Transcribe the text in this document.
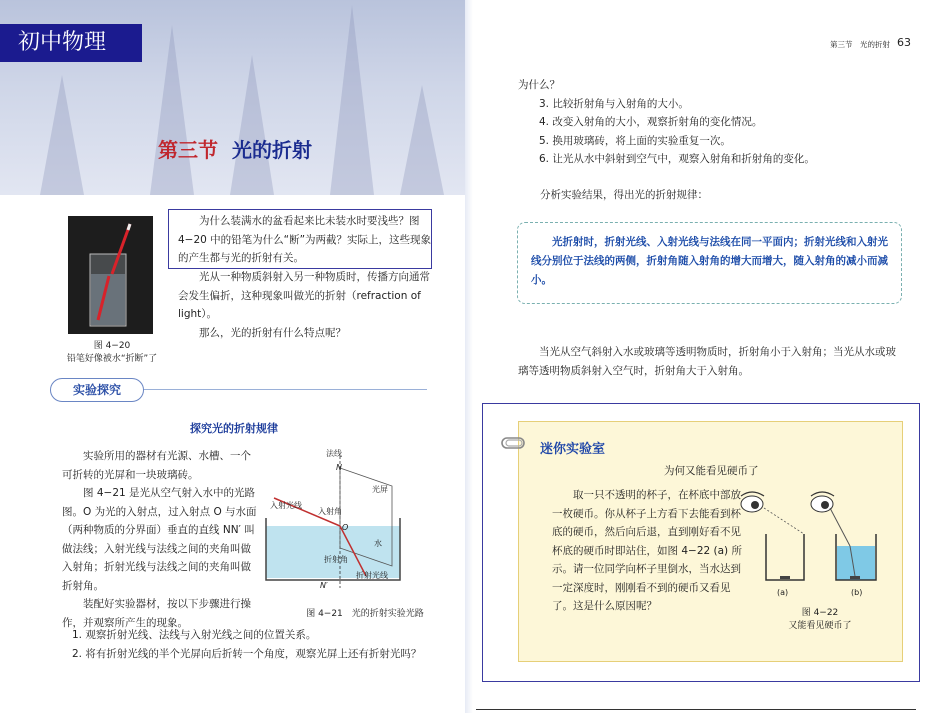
初中物理
第三节 光的折射
图 4−20
铅笔好像被水“折断”了
为什么装满水的盆看起来比未装水时要浅些？图 4−20 中的铅笔为什么“断”为两截？实际上，这些现象的产生都与光的折射有关。
光从一种物质斜射入另一种物质时，传播方向通常会发生偏折，这种现象叫做光的折射（refraction of light）。
那么，光的折射有什么特点呢？
实验探究
探究光的折射规律
实验所用的器材有光源、水槽、一个可折转的光屏和一块玻璃砖。
图 4−21 是光从空气射入水中的光路图。O 为光的入射点，过入射点 O 与水面（两种物质的分界面）垂直的直线 NN′ 叫做法线；入射光线与法线之间的夹角叫做入射角；折射光线与法线之间的夹角叫做折射角。
装配好实验器材，按以下步骤进行操作，并观察所产生的现象。
法线
N
光屏
入射光线
入射角
O
水
折射角
折射光线
N′
图 4−21　光的折射实验光路
1. 观察折射光线、法线与入射光线之间的位置关系。
2. 将有折射光线的半个光屏向后折转一个角度，观察光屏上还有折射光吗？
第三节　光的折射 63
为什么？
3. 比较折射角与入射角的大小。
4. 改变入射角的大小，观察折射角的变化情况。
5. 换用玻璃砖，将上面的实验重复一次。
6. 让光从水中斜射到空气中，观察入射角和折射角的变化。
分析实验结果，得出光的折射规律：
光折射时，折射光线、入射光线与法线在同一平面内；折射光线和入射光线分别位于法线的两侧，折射角随入射角的增大而增大，随入射角的减小而减小。
当光从空气斜射入水或玻璃等透明物质时，折射角小于入射角；当光从水或玻璃等透明物质斜射入空气时，折射角大于入射角。
迷你实验室
为何又能看见硬币了
取一只不透明的杯子，在杯底中部放一枚硬币。你从杯子上方看下去能看到杯底的硬币，然后向后退，直到刚好看不见杯底的硬币时即站住，如图 4−22 (a) 所示。请一位同学向杯子里倒水，当水达到一定深度时，刚刚看不到的硬币又看见了。这是什么原因呢？
(a)	(b)
图 4−22
又能看见硬币了
